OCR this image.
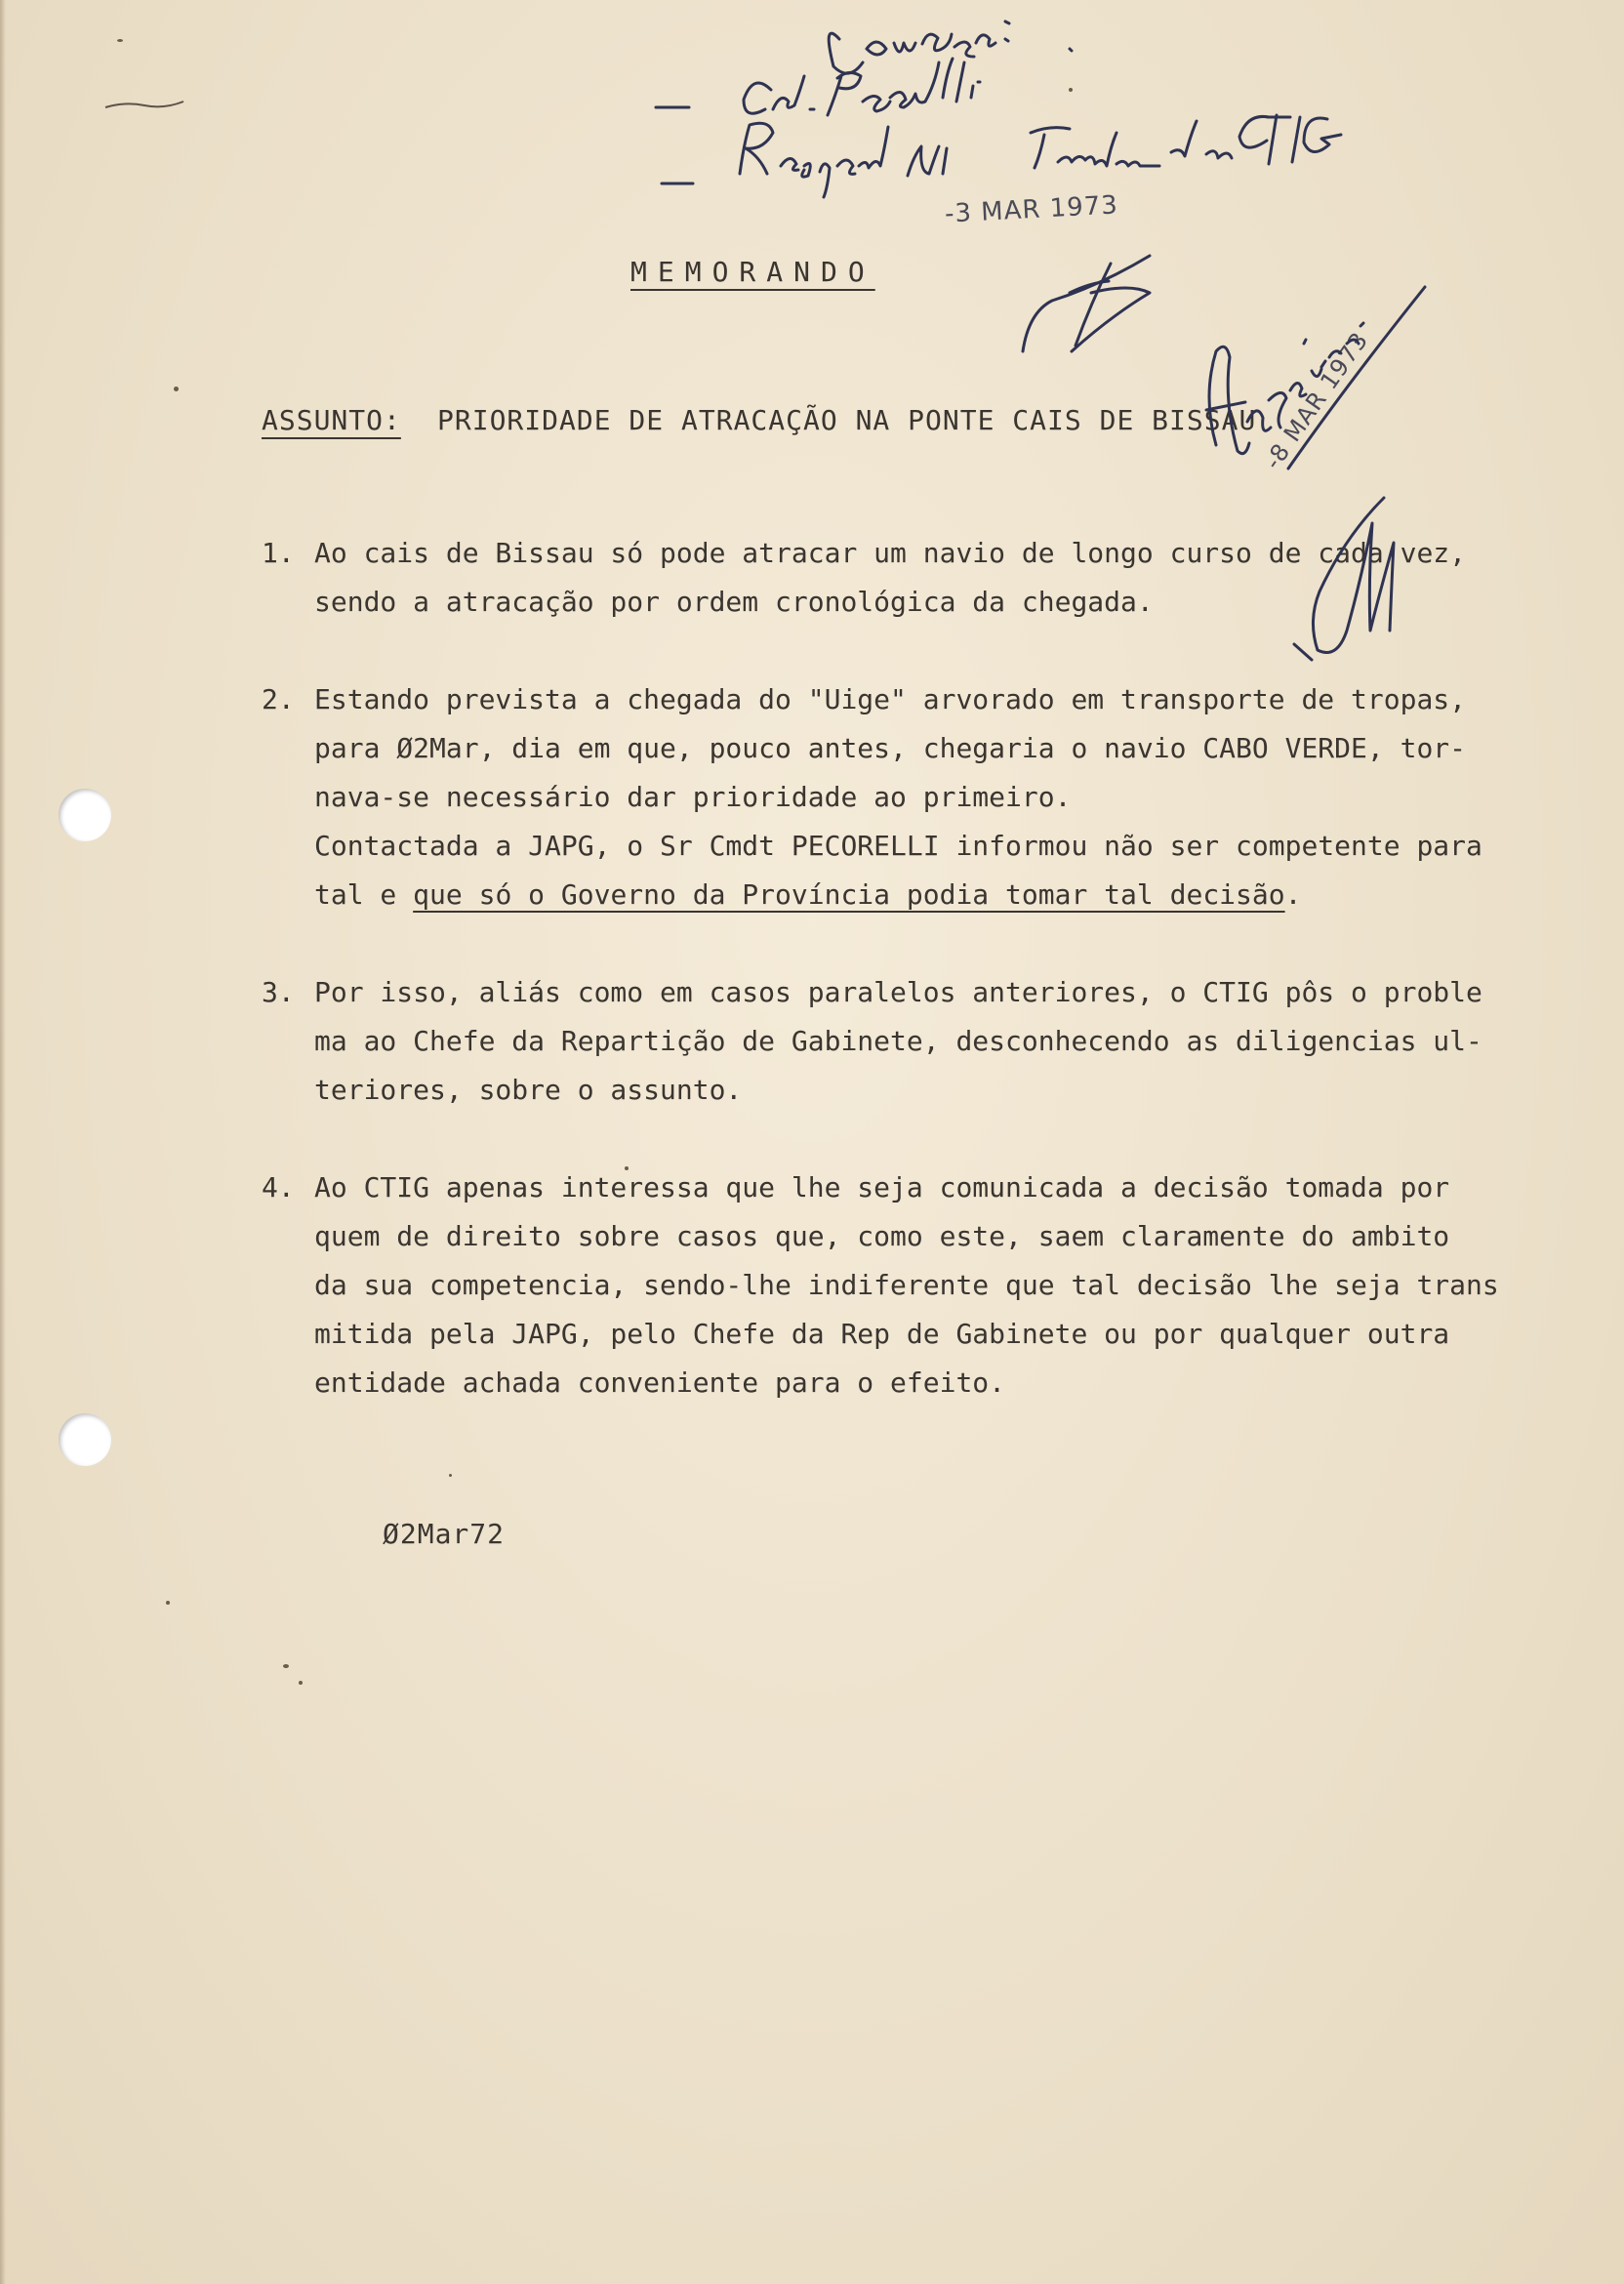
MEMORANDO

ASSUNTO: PRIORIDADE DE ATRACAÇÃO NA PONTE CAIS DE BISSAU

1. Ao cais de Bissau só pode atracar um navio de longo curso de cada vez,
sendo a atracação por ordem cronológica da chegada.
2. Estando prevista a chegada do "Uige" arvorado em transporte de tropas,
para Ø2Mar, dia em que, pouco antes, chegaria o navio CABO VERDE, tor-
nava-se necessário dar prioridade ao primeiro.
Contactada a JAPG, o Sr Cmdt PECORELLI informou não ser competente para
tal e que só o Governo da Província podia tomar tal decisão.
3. Por isso, aliás como em casos paralelos anteriores, o CTIG pôs o proble
ma ao Chefe da Repartição de Gabinete, desconhecendo as diligencias ul-
teriores, sobre o assunto.
4. Ao CTIG apenas interessa que lhe seja comunicada a decisão tomada por
quem de direito sobre casos que, como este, saem claramente do ambito
da sua competencia, sendo-lhe indiferente que tal decisão lhe seja trans
mitida pela JAPG, pelo Chefe da Rep de Gabinete ou por qualquer outra
entidade achada conveniente para o efeito.

Ø2Mar72

-3 MAR 1973
-8 MAR 1973
